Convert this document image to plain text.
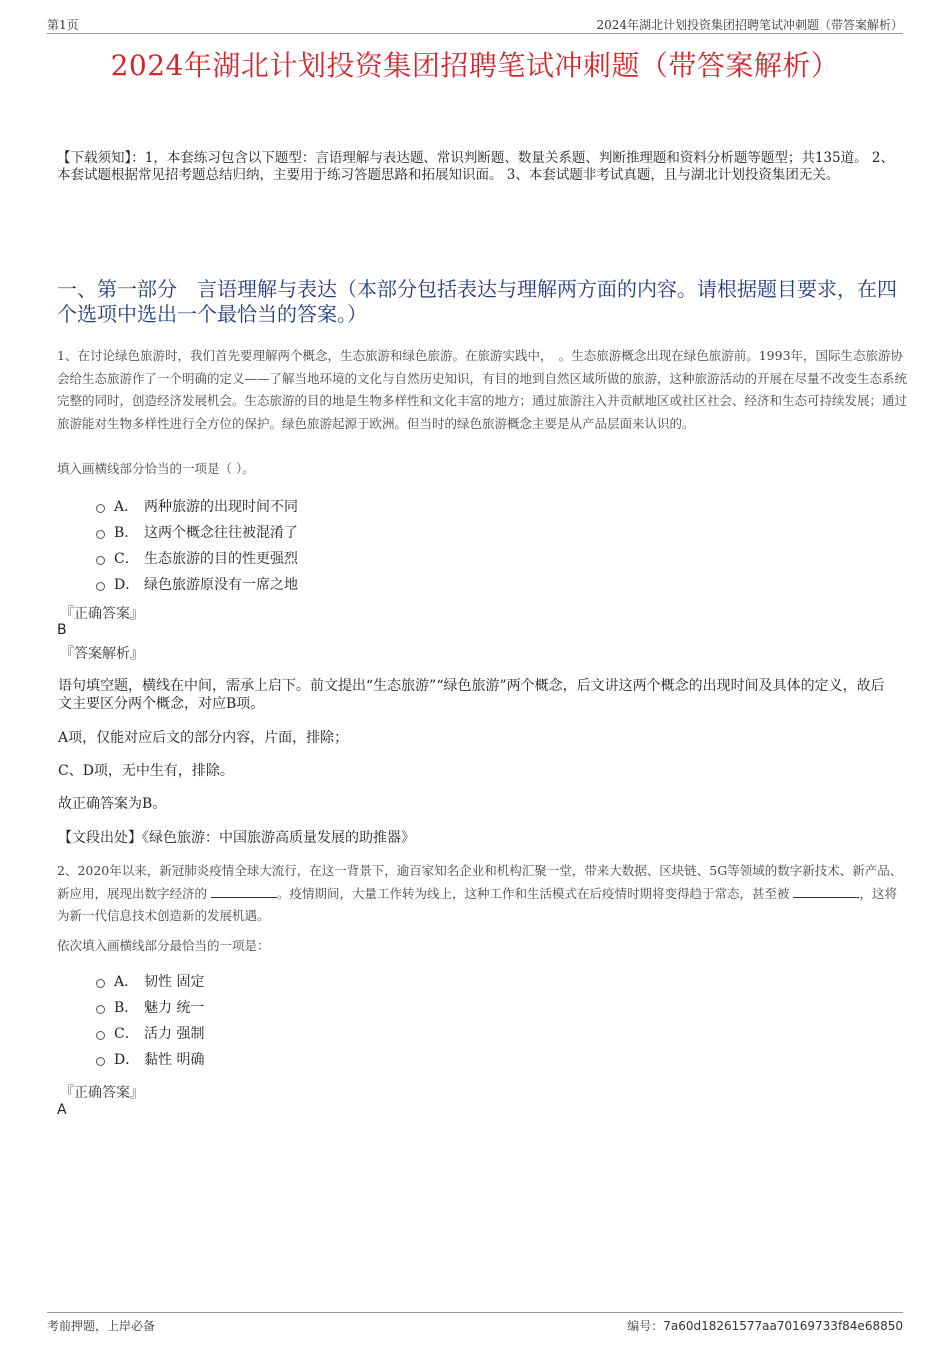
第1页	2024年湖北计划投资集团招聘笔试冲刺题（带答案解析）
2024年湖北计划投资集团招聘笔试冲刺题（带答案解析）
【下载须知】：1，本套练习包含以下题型：言语理解与表达题、常识判断题、数量关系题、判断推理题和资料分析题等题型；共135道。 2、本套试题根据常见招考题总结归纳，主要用于练习答题思路和拓展知识面。 3、本套试题非考试真题，且与湖北计划投资集团无关。
一、第一部分　言语理解与表达（本部分包括表达与理解两方面的内容。请根据题目要求，在四个选项中选出一个最恰当的答案。）
1、在讨论绿色旅游时，我们首先要理解两个概念，生态旅游和绿色旅游。在旅游实践中，　。生态旅游概念出现在绿色旅游前。1993年，国际生态旅游协会给生态旅游作了一个明确的定义——了解当地环境的文化与自然历史知识，有目的地到自然区域所做的旅游，这种旅游活动的开展在尽量不改变生态系统完整的同时，创造经济发展机会。生态旅游的目的地是生物多样性和文化丰富的地方；通过旅游注入并贡献地区或社区社会、经济和生态可持续发展；通过旅游能对生物多样性进行全方位的保护。绿色旅游起源于欧洲。但当时的绿色旅游概念主要是从产品层面来认识的。
填入画横线部分恰当的一项是（ ）。
A． 两种旅游的出现时间不同
B． 这两个概念往往被混淆了
C． 生态旅游的目的性更强烈
D． 绿色旅游原没有一席之地
『正确答案』
B
『答案解析』
语句填空题，横线在中间，需承上启下。前文提出“生态旅游”“绿色旅游”两个概念，后文讲这两个概念的出现时间及具体的定义，故后文主要区分两个概念，对应B项。
A项，仅能对应后文的部分内容，片面，排除；
C、D项，无中生有，排除。
故正确答案为B。
【文段出处】《绿色旅游：中国旅游高质量发展的助推器》
2、2020年以来，新冠肺炎疫情全球大流行，在这一背景下，逾百家知名企业和机构汇聚一堂，带来大数据、区块链、5G等领域的数字新技术、新产品、新应用，展现出数字经济的	。疫情期间，大量工作转为线上，这种工作和生活模式在后疫情时期将变得趋于常态，甚至被	，这将为新一代信息技术创造新的发展机遇。
依次填入画横线部分最恰当的一项是：
A． 韧性 固定
B． 魅力 统一
C． 活力 强制
D． 黏性 明确
『正确答案』
A
考前押题，上岸必备	编号：7a60d18261577aa70169733f84e68850
